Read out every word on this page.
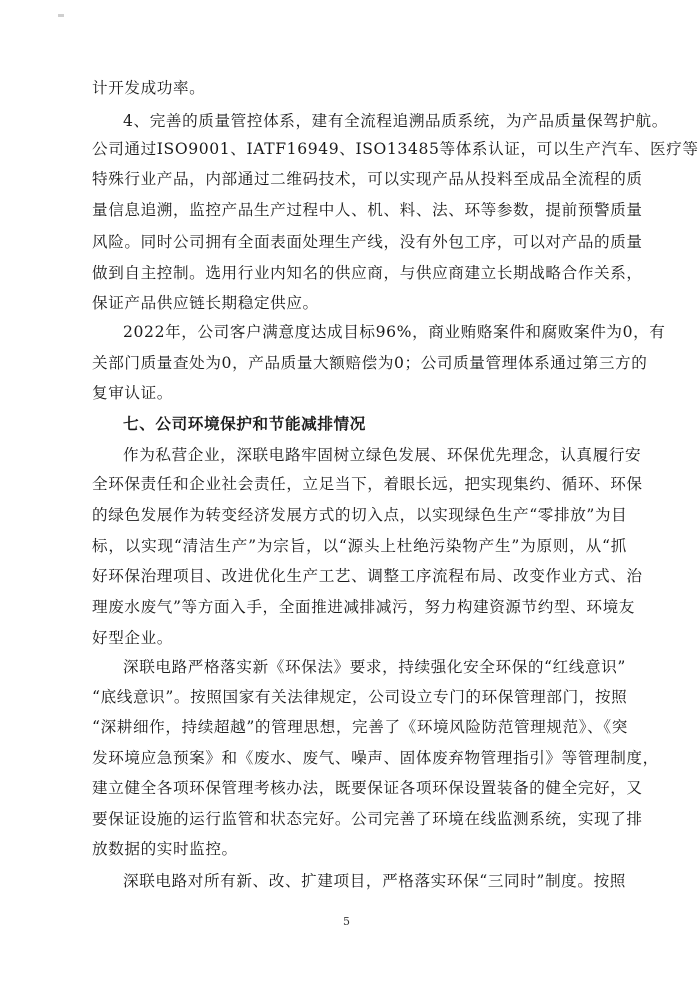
计开发成功率。
4、完善的质量管控体系，建有全流程追溯品质系统，为产品质量保驾护航。
公司通过ISO9001、IATF16949、ISO13485等体系认证，可以生产汽车、医疗等
特殊行业产品，内部通过二维码技术，可以实现产品从投料至成品全流程的质
量信息追溯，监控产品生产过程中人、机、料、法、环等参数，提前预警质量
风险。同时公司拥有全面表面处理生产线，没有外包工序，可以对产品的质量
做到自主控制。选用行业内知名的供应商，与供应商建立长期战略合作关系，
保证产品供应链长期稳定供应。
2022年，公司客户满意度达成目标96%，商业贿赂案件和腐败案件为0，有
关部门质量查处为0，产品质量大额赔偿为0；公司质量管理体系通过第三方的
复审认证。
七、公司环境保护和节能减排情况
作为私营企业，深联电路牢固树立绿色发展、环保优先理念，认真履行安
全环保责任和企业社会责任，立足当下，着眼长远，把实现集约、循环、环保
的绿色发展作为转变经济发展方式的切入点，以实现绿色生产“零排放”为目
标，以实现“清洁生产”为宗旨，以“源头上杜绝污染物产生”为原则，从“抓
好环保治理项目、改进优化生产工艺、调整工序流程布局、改变作业方式、治
理废水废气”等方面入手，全面推进减排减污，努力构建资源节约型、环境友
好型企业。
深联电路严格落实新《环保法》要求，持续强化安全环保的“红线意识”
“底线意识”。按照国家有关法律规定，公司设立专门的环保管理部门，按照
“深耕细作，持续超越”的管理思想，完善了《环境风险防范管理规范》、《突
发环境应急预案》和《废水、废气、噪声、固体废弃物管理指引》等管理制度，
建立健全各项环保管理考核办法，既要保证各项环保设置装备的健全完好，又
要保证设施的运行监管和状态完好。公司完善了环境在线监测系统，实现了排
放数据的实时监控。
深联电路对所有新、改、扩建项目，严格落实环保“三同时”制度。按照
5
